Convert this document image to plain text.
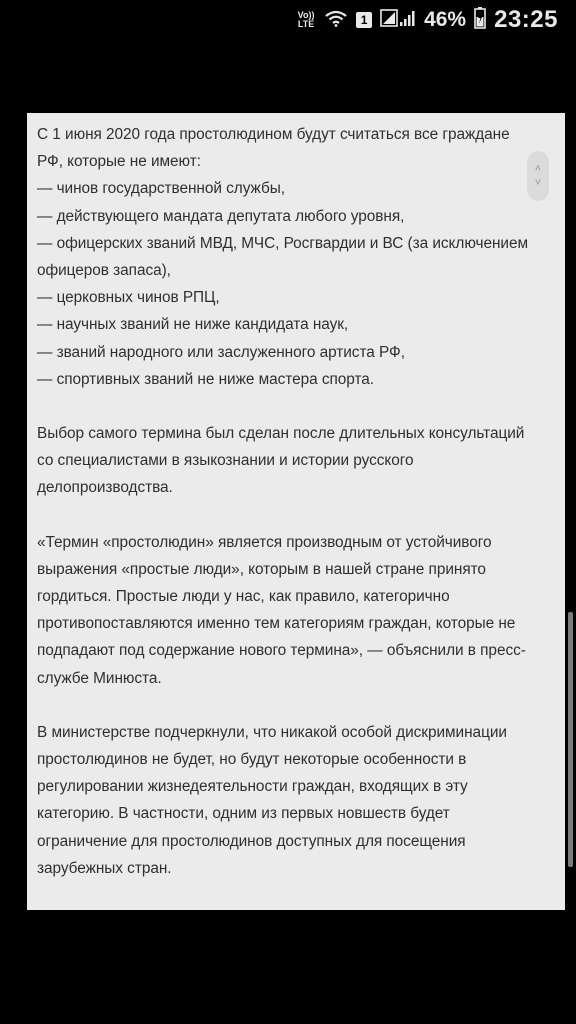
Vo))
LTE	1	46% 23:25
С 1 июня 2020 года простолюдином будут считаться все граждане
РФ, которые не имеют:
— чинов государственной службы,
— действующего мандата депутата любого уровня,
— офицерских званий МВД, МЧС, Росгвардии и ВС (за исключением
офицеров запаса),
— церковных чинов РПЦ,
— научных званий не ниже кандидата наук,
— званий народного или заслуженного артиста РФ,
— спортивных званий не ниже мастера спорта.
Выбор самого термина был сделан после длительных консультаций
со специалистами в языкознании и истории русского
делопроизводства.
«Термин «простолюдин» является производным от устойчивого
выражения «простые люди», которым в нашей стране принято
гордиться. Простые люди у нас, как правило, категорично
противопоставляются именно тем категориям граждан, которые не
подпадают под содержание нового термина», — объяснили в пресс-
службе Минюста.
В министерстве подчеркнули, что никакой особой дискриминации
простолюдинов не будет, но будут некоторые особенности в
регулировании жизнедеятельности граждан, входящих в эту
категорию. В частности, одним из первых новшеств будет
ограничение для простолюдинов доступных для посещения
зарубежных стран.
˄
˅
